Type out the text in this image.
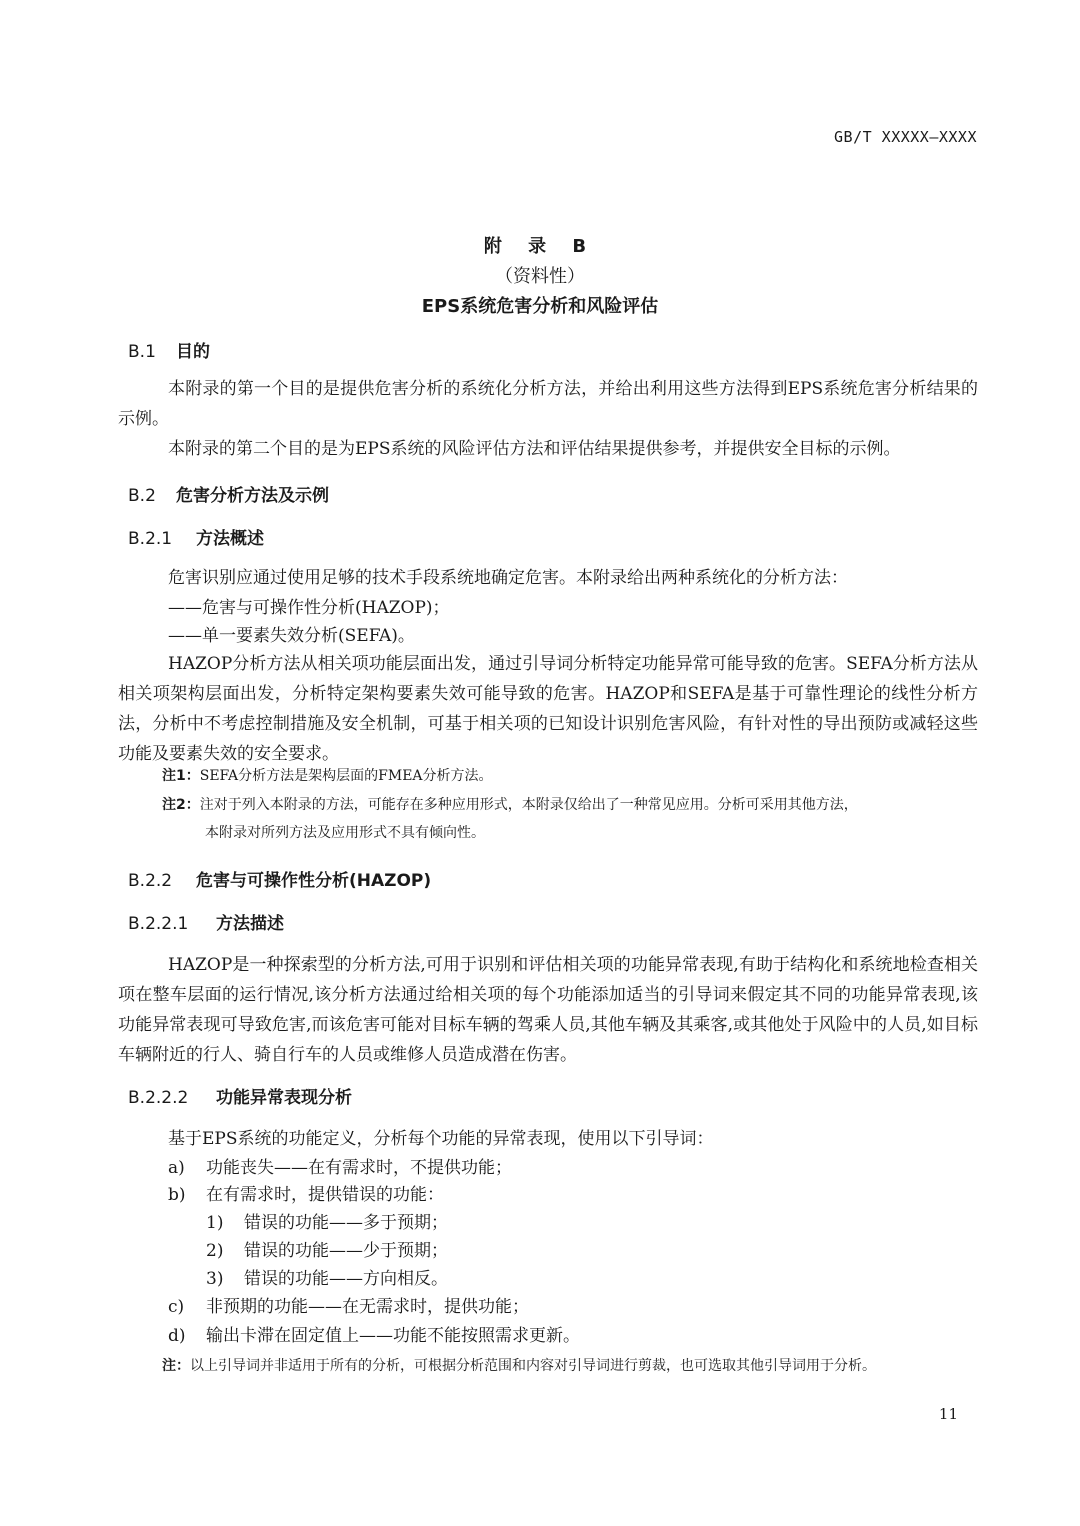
GB/T XXXXX—XXXX
附 录 B
（资料性）
EPS系统危害分析和风险评估
B.1 目的
本附录的第一个目的是提供危害分析的系统化分析方法，并给出利用这些方法得到EPS系统危害分析结果的示例。
本附录的第二个目的是为EPS系统的风险评估方法和评估结果提供参考，并提供安全目标的示例。
B.2 危害分析方法及示例
B.2.1 方法概述
危害识别应通过使用足够的技术手段系统地确定危害。本附录给出两种系统化的分析方法：
——危害与可操作性分析(HAZOP)；
——单一要素失效分析(SEFA)。
HAZOP分析方法从相关项功能层面出发，通过引导词分析特定功能异常可能导致的危害。SEFA分析方法从相关项架构层面出发，分析特定架构要素失效可能导致的危害。HAZOP和SEFA是基于可靠性理论的线性分析方法，分析中不考虑控制措施及安全机制，可基于相关项的已知设计识别危害风险，有针对性的导出预防或减轻这些功能及要素失效的安全要求。
注1：SEFA分析方法是架构层面的FMEA分析方法。
注2：注对于列入本附录的方法，可能存在多种应用形式，本附录仅给出了一种常见应用。分析可采用其他方法，
本附录对所列方法及应用形式不具有倾向性。
B.2.2 危害与可操作性分析(HAZOP)
B.2.2.1 方法描述
HAZOP是一种探索型的分析方法,可用于识别和评估相关项的功能异常表现,有助于结构化和系统地检查相关项在整车层面的运行情况,该分析方法通过给相关项的每个功能添加适当的引导词来假定其不同的功能异常表现,该功能异常表现可导致危害,而该危害可能对目标车辆的驾乘人员,其他车辆及其乘客,或其他处于风险中的人员,如目标车辆附近的行人、骑自行车的人员或维修人员造成潜在伤害。
B.2.2.2 功能异常表现分析
基于EPS系统的功能定义，分析每个功能的异常表现，使用以下引导词：
a) 功能丧失——在有需求时，不提供功能；
b) 在有需求时，提供错误的功能：
1) 错误的功能——多于预期；
2) 错误的功能——少于预期；
3) 错误的功能——方向相反。
c) 非预期的功能——在无需求时，提供功能；
d) 输出卡滞在固定值上——功能不能按照需求更新。
注：以上引导词并非适用于所有的分析，可根据分析范围和内容对引导词进行剪裁，也可选取其他引导词用于分析。
11
